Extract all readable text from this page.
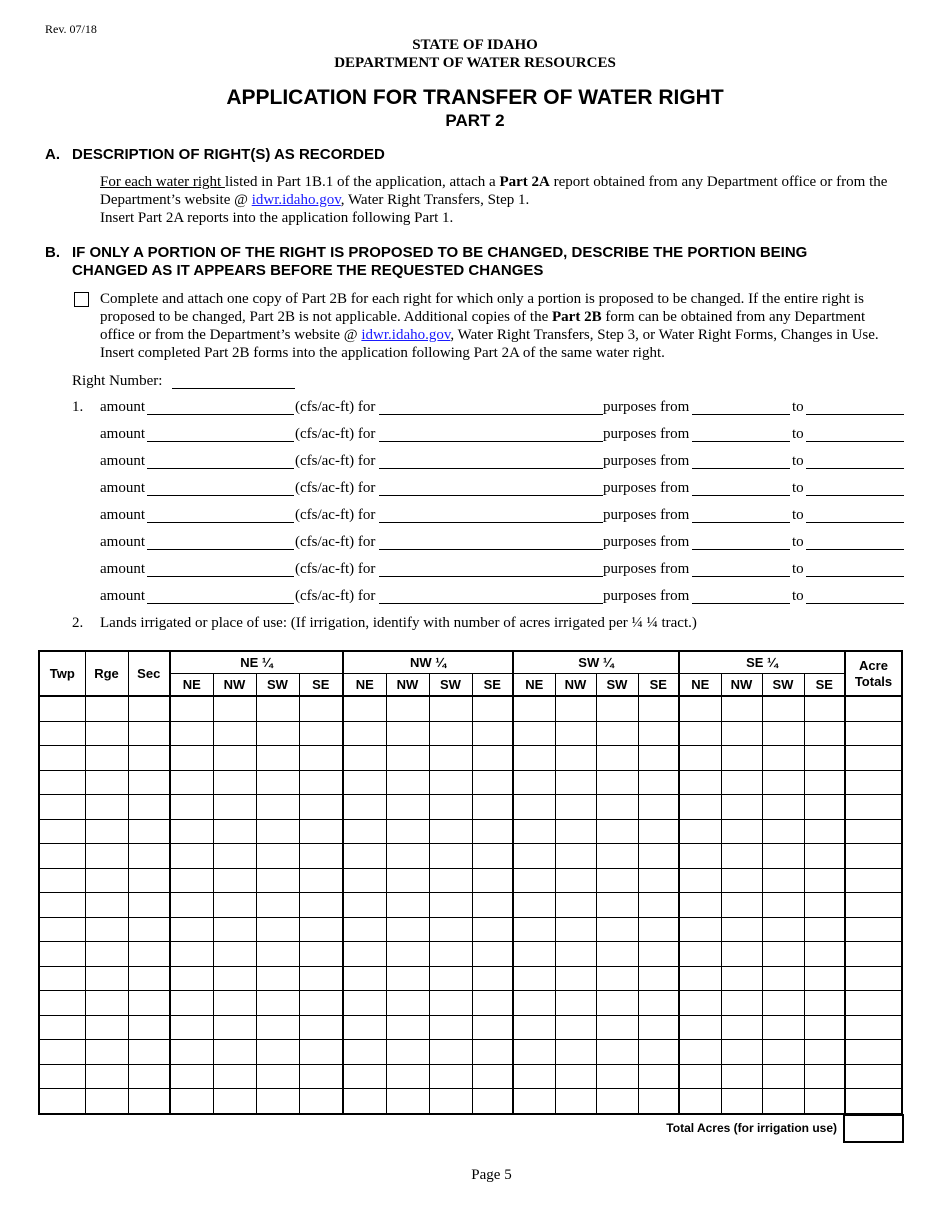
Rev. 07/18
STATE OF IDAHO
DEPARTMENT OF WATER RESOURCES
APPLICATION FOR TRANSFER OF WATER RIGHT
PART 2
A. DESCRIPTION OF RIGHT(S) AS RECORDED
For each water right listed in Part 1B.1 of the application, attach a Part 2A report obtained from any Department office or from the Department’s website @ idwr.idaho.gov, Water Right Transfers, Step 1.
Insert Part 2A reports into the application following Part 1.
B. IF ONLY A PORTION OF THE RIGHT IS PROPOSED TO BE CHANGED, DESCRIBE THE PORTION BEING
CHANGED AS IT APPEARS BEFORE THE REQUESTED CHANGES
Complete and attach one copy of Part 2B for each right for which only a portion is proposed to be changed. If the entire right is proposed to be changed, Part 2B is not applicable. Additional copies of the Part 2B form can be obtained from any Department office or from the Department’s website @ idwr.idaho.gov, Water Right Transfers, Step 3, or Water Right Forms, Changes in Use. Insert completed Part 2B forms into the application following Part 2A of the same water right.
Right Number:
1. amount	(cfs/ac-ft) for	purposes from	to
amount	(cfs/ac-ft) for	purposes from	to
amount	(cfs/ac-ft) for	purposes from	to
amount	(cfs/ac-ft) for	purposes from	to
amount	(cfs/ac-ft) for	purposes from	to
amount	(cfs/ac-ft) for	purposes from	to
amount	(cfs/ac-ft) for	purposes from	to
amount	(cfs/ac-ft) for	purposes from	to
2. Lands irrigated or place of use: (If irrigation, identify with number of acres irrigated per ¼ ¼ tract.)
Twp	Rge	Sec	NE ¼				NW ¼				SW ¼				SE ¼				Acre
Totals
			NE	NW	SW	SE	NE	NW	SW	SE	NE	NW	SW	SE	NE	NW	SW	SE	

Total Acres (for irrigation use)
Page 5
